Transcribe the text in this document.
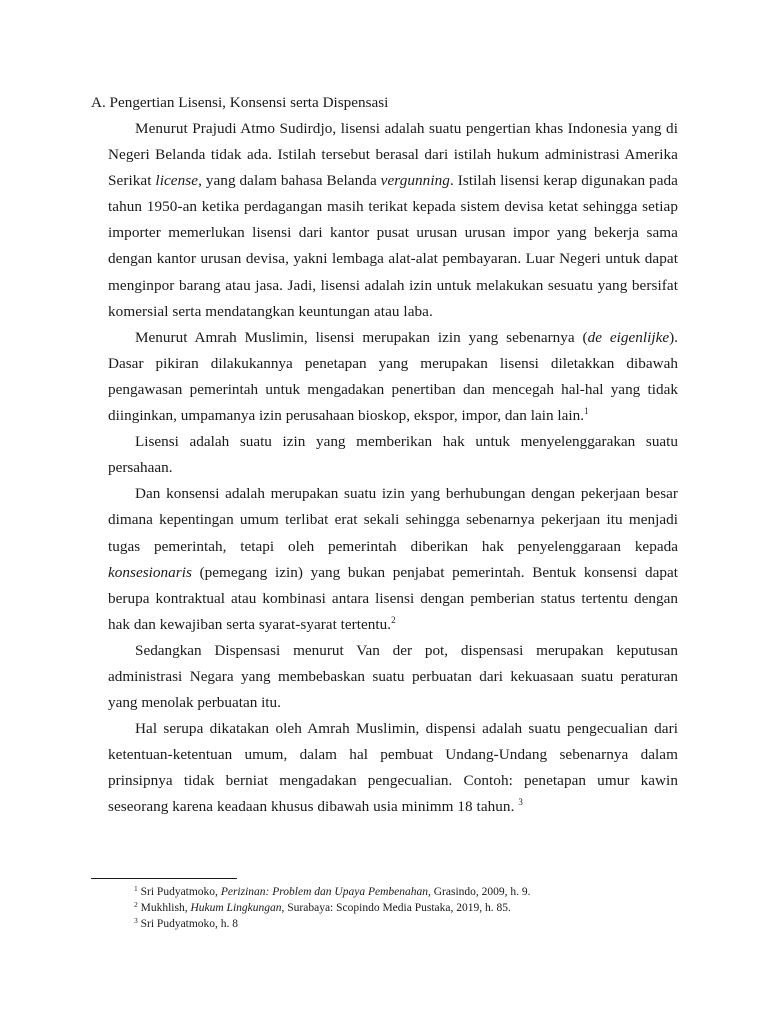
A. Pengertian Lisensi, Konsensi serta Dispensasi

Menurut Prajudi Atmo Sudirdjo, lisensi adalah suatu pengertian khas Indonesia yang di Negeri Belanda tidak ada. Istilah tersebut berasal dari istilah hukum administrasi Amerika Serikat license, yang dalam bahasa Belanda vergunning. Istilah lisensi kerap digunakan pada tahun 1950-an ketika perdagangan masih terikat kepada sistem devisa ketat sehingga setiap importer memerlukan lisensi dari kantor pusat urusan urusan impor yang bekerja sama dengan kantor urusan devisa, yakni lembaga alat-alat pembayaran. Luar Negeri untuk dapat menginpor barang atau jasa. Jadi, lisensi adalah izin untuk melakukan sesuatu yang bersifat komersial serta mendatangkan keuntungan atau laba.

Menurut Amrah Muslimin, lisensi merupakan izin yang sebenarnya (de eigenlijke). Dasar pikiran dilakukannya penetapan yang merupakan lisensi diletakkan dibawah pengawasan pemerintah untuk mengadakan penertiban dan mencegah hal-hal yang tidak diinginkan, umpamanya izin perusahaan bioskop, ekspor, impor, dan lain lain.$^1$

Lisensi adalah suatu izin yang memberikan hak untuk menyelenggarakan suatu persahaan.

Dan konsensi adalah merupakan suatu izin yang berhubungan dengan pekerjaan besar dimana kepentingan umum terlibat erat sekali sehingga sebenarnya pekerjaan itu menjadi tugas pemerintah, tetapi oleh pemerintah diberikan hak penyelenggaraan kepada konsesionaris (pemegang izin) yang bukan penjabat pemerintah. Bentuk konsensi dapat berupa kontraktual atau kombinasi antara lisensi dengan pemberian status tertentu dengan hak dan kewajiban serta syarat-syarat tertentu.$^2$

Sedangkan Dispensasi menurut Van der pot, dispensasi merupakan keputusan administrasi Negara yang membebaskan suatu perbuatan dari kekuasaan suatu peraturan yang menolak perbuatan itu.

Hal serupa dikatakan oleh Amrah Muslimin, dispensi adalah suatu pengecualian dari ketentuan-ketentuan umum, dalam hal pembuat Undang-Undang sebenarnya dalam prinsipnya tidak berniat mengadakan pengecualian. Contoh: penetapan umur kawin seseorang karena keadaan khusus dibawah usia minimm 18 tahun. $^3$

$^1$ Sri Pudyatmoko, Perizinan: Problem dan Upaya Pembenahan, Grasindo, 2009, h. 9.
$^2$ Mukhlish, Hukum Lingkungan, Surabaya: Scopindo Media Pustaka, 2019, h. 85.
$^3$ Sri Pudyatmoko, h. 8
